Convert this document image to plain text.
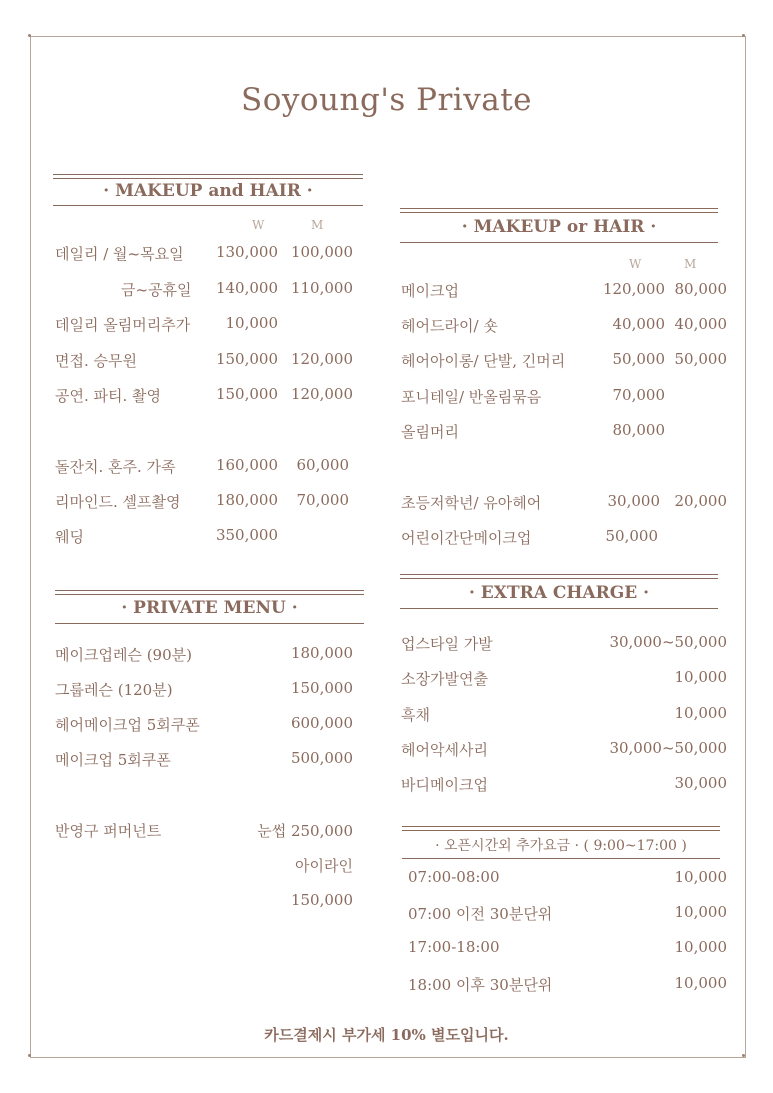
Soyoung's Private
· MAKEUP and HAIR ·
W	M
데일리 / 월~목요일	130,000 100,000
금~공휴일	140,000 110,000
데일리 올림머리추가	10,000
면접. 승무원	150,000 120,000
공연. 파티. 촬영	150,000 120,000
돌잔치. 혼주. 가족	160,000	60,000
리마인드. 셀프촬영	180,000	70,000
웨딩	350,000
· PRIVATE MENU ·
메이크업레슨 (90분)	180,000
그룹레슨 (120분)	150,000
헤어메이크업 5회쿠폰	600,000
메이크업 5회쿠폰	500,000
반영구 퍼머넌트	눈썹 250,000
아이라인
150,000
· MAKEUP or HAIR ·
W	M
메이크업	120,000 80,000
헤어드라이/ 숏	40,000 40,000
헤어아이롱/ 단발, 긴머리	50,000 50,000
포니테일/ 반올림묶음	70,000
올림머리	80,000
초등저학년/ 유아헤어	30,000 20,000
어린이간단메이크업	50,000
· EXTRA CHARGE ·
업스타일 가발	30,000~50,000
소장가발연출	10,000
흑채	10,000
헤어악세사리	30,000~50,000
바디메이크업	30,000
· 오픈시간외 추가요금 · ( 9:00~17:00 )
07:00-08:00	10,000
07:00 이전 30분단위	10,000
17:00-18:00	10,000
18:00 이후 30분단위	10,000
카드결제시 부가세 10% 별도입니다.
